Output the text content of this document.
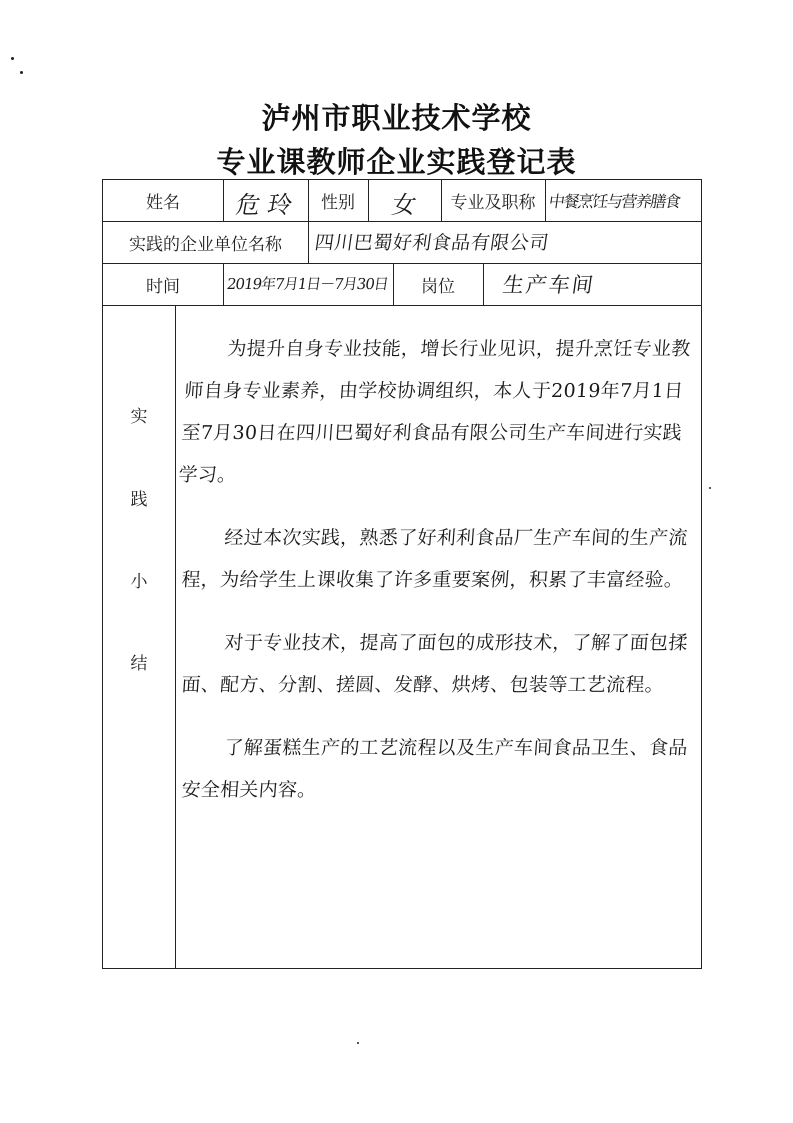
泸州市职业技术学校
专业课教师企业实践登记表
姓名	危 玲	性别	女	专业及职称 中餐烹饪与营养膳食
实践的企业单位名称	四川巴蜀好利食品有限公司
时间	2019年7月1日－7月30日	岗位	生产车间
实
践
小
结

为提升自身专业技能，增长行业见识，提升烹饪专业教师自身专业素养，由学校协调组织，本人于2019年7月1日至7月30日在四川巴蜀好利食品有限公司生产车间进行实践学习。

经过本次实践，熟悉了好利利食品厂生产车间的生产流程，为给学生上课收集了许多重要案例，积累了丰富经验。

对于专业技术，提高了面包的成形技术，了解了面包揉面、配方、分割、搓圆、发酵、烘烤、包装等工艺流程。

了解蛋糕生产的工艺流程以及生产车间食品卫生、食品安全相关内容。
